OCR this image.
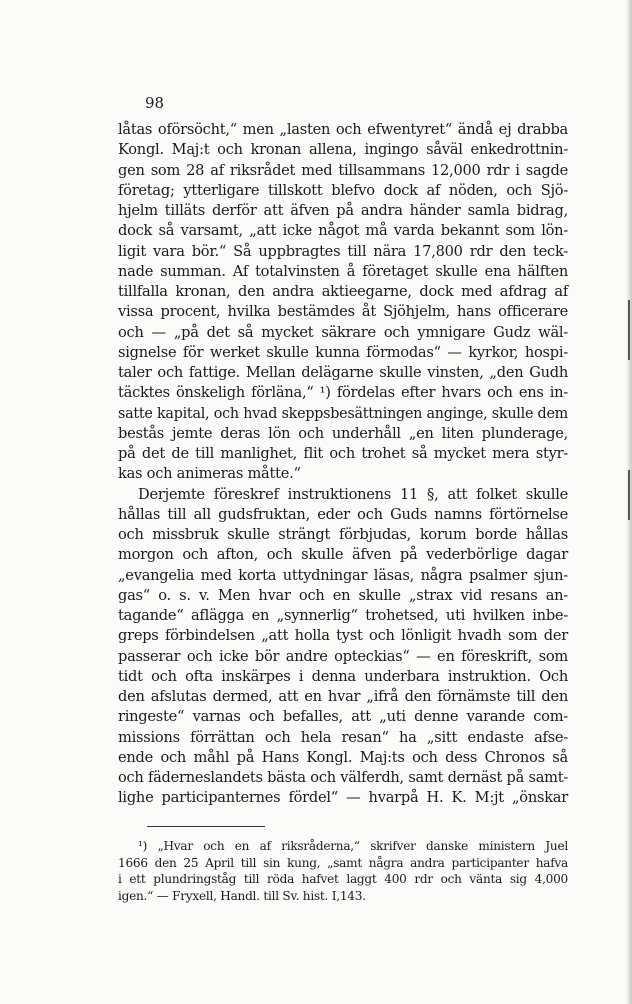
98
låtas oförsöcht,“ men „lasten och efwentyret“ ändå ej drabba
Kongl. Maj:t och kronan allena, ingingo såväl enkedrottnin-
gen som 28 af riksrådet med tillsammans 12,000 rdr i sagde
företag; ytterligare tillskott blefvo dock af nöden, och Sjö-
hjelm tilläts derför att äfven på andra händer samla bidrag,
dock så varsamt, „att icke något må varda bekannt som lön-
ligit vara bör.“ Så uppbragtes till nära 17,800 rdr den teck-
nade summan. Af totalvinsten å företaget skulle ena hälften
tillfalla kronan, den andra aktieegarne, dock med afdrag af
vissa procent, hvilka bestämdes åt Sjöhjelm, hans officerare
och — „på det så mycket säkrare och ymnigare Gudz wäl-
signelse för werket skulle kunna förmodas“ — kyrkor, hospi-
taler och fattige. Mellan delägarne skulle vinsten, „den Gudh
täcktes önskeligh förläna,“ ¹) fördelas efter hvars och ens in-
satte kapital, och hvad skeppsbesättningen anginge, skulle dem
bestås jemte deras lön och underhåll „en liten plunderage,
på det de till manlighet, flit och trohet så mycket mera styr-
kas och animeras måtte.“
Derjemte föreskref instruktionens 11 §, att folket skulle
hållas till all gudsfruktan, eder och Guds namns förtörnelse
och missbruk skulle strängt förbjudas, korum borde hållas
morgon och afton, och skulle äfven på vederbörlige dagar
„evangelia med korta uttydningar läsas, några psalmer sjun-
gas“ o. s. v. Men hvar och en skulle „strax vid resans an-
tagande“ aflägga en „synnerlig“ trohetsed, uti hvilken inbe-
greps förbindelsen „att holla tyst och lönligit hvadh som der
passerar och icke bör andre opteckias“ — en föreskrift, som
tidt och ofta inskärpes i denna underbara instruktion. Och
den afslutas dermed, att en hvar „ifrå den förnämste till den
ringeste“ varnas och befalles, att „uti denne varande com-
missions förrättan och hela resan“ ha „sitt endaste afse-
ende och måhl på Hans Kongl. Maj:ts och dess Chronos så
och fäderneslandets bästa och välferdh, samt dernäst på samt-
lighe participanternes fördel“ — hvarpå H. K. M:jt „önskar
¹) „Hvar och en af riksråderna,“ skrifver danske ministern Juel
1666 den 25 April till sin kung, „samt några andra participanter hafva
i ett plundringståg till röda hafvet laggt 400 rdr och vänta sig 4,000
igen.“ — Fryxell, Handl. till Sv. hist. I,143.
